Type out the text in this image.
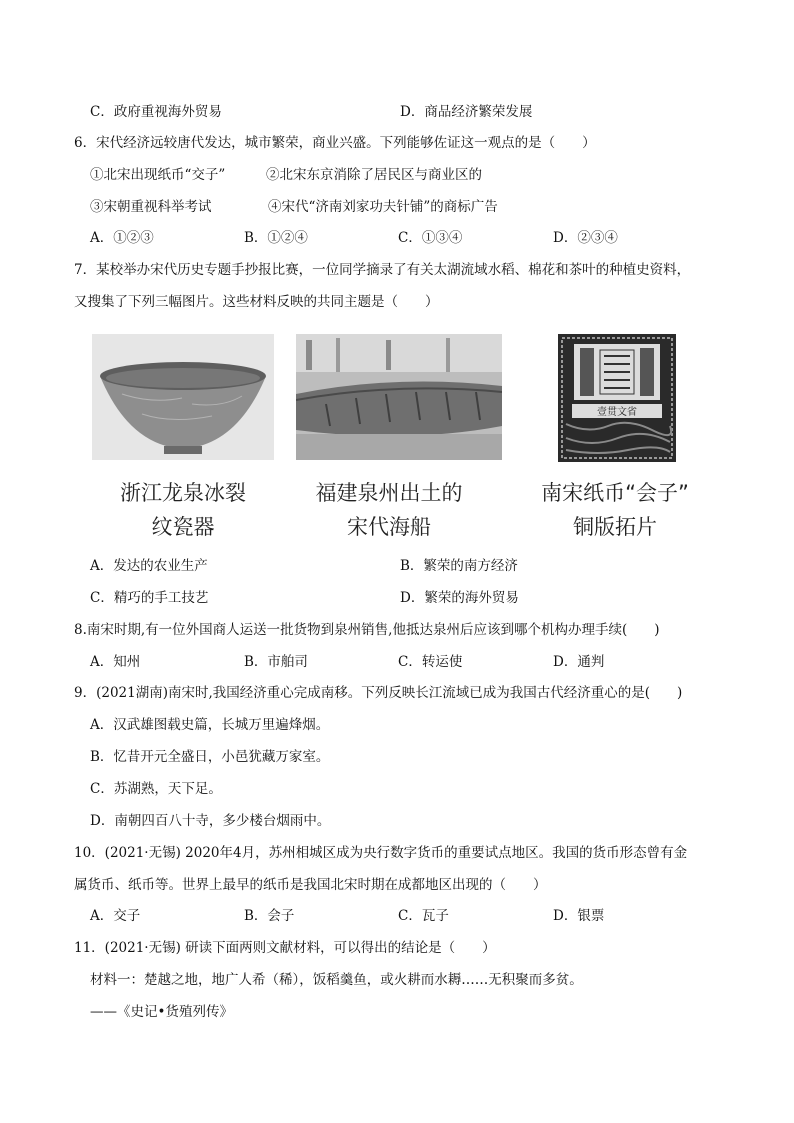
C．政府重视海外贸易	D．商品经济繁荣发展
6．宋代经济远较唐代发达，城市繁荣，商业兴盛。下列能够佐证这一观点的是（　　）
①北宋出现纸币“交子”	②北宋东京消除了居民区与商业区的
③宋朝重视科举考试	④宋代“济南刘家功夫针铺”的商标广告
A．①②③	B．①②④	C．①③④	D．②③④
7．某校举办宋代历史专题手抄报比赛，一位同学摘录了有关太湖流域水稻、棉花和茶叶的种植史资料，
又搜集了下列三幅图片。这些材料反映的共同主题是（　　）
壹贯文省
浙江龙泉冰裂
纹瓷器
福建泉州出土的
宋代海船
南宋纸币“会子”
铜版拓片
A．发达的农业生产	B．繁荣的南方经济
C．精巧的手工技艺	D．繁荣的海外贸易
8.南宋时期,有一位外国商人运送一批货物到泉州销售,他抵达泉州后应该到哪个机构办理手续(　　)
A．知州	B．市舶司	C．转运使	D．通判
9．(2021湖南)南宋时,我国经济重心完成南移。下列反映长江流域已成为我国古代经济重心的是(　　)
A．汉武雄图载史篇，长城万里遍烽烟。
B．忆昔开元全盛日，小邑犹藏万家室。
C．苏湖熟，天下足。
D．南朝四百八十寺，多少楼台烟雨中。
10．(2021·无锡) 2020年4月，苏州相城区成为央行数字货币的重要试点地区。我国的货币形态曾有金
属货币、纸币等。世界上最早的纸币是我国北宋时期在成都地区出现的（　　）
A．交子	B．会子	C．瓦子	D．银票
11．(2021·无锡) 研读下面两则文献材料，可以得出的结论是（　　）
材料一：楚越之地，地广人希（稀），饭稻羹鱼，或火耕而水耨……无积聚而多贫。
——《史记•货殖列传》
